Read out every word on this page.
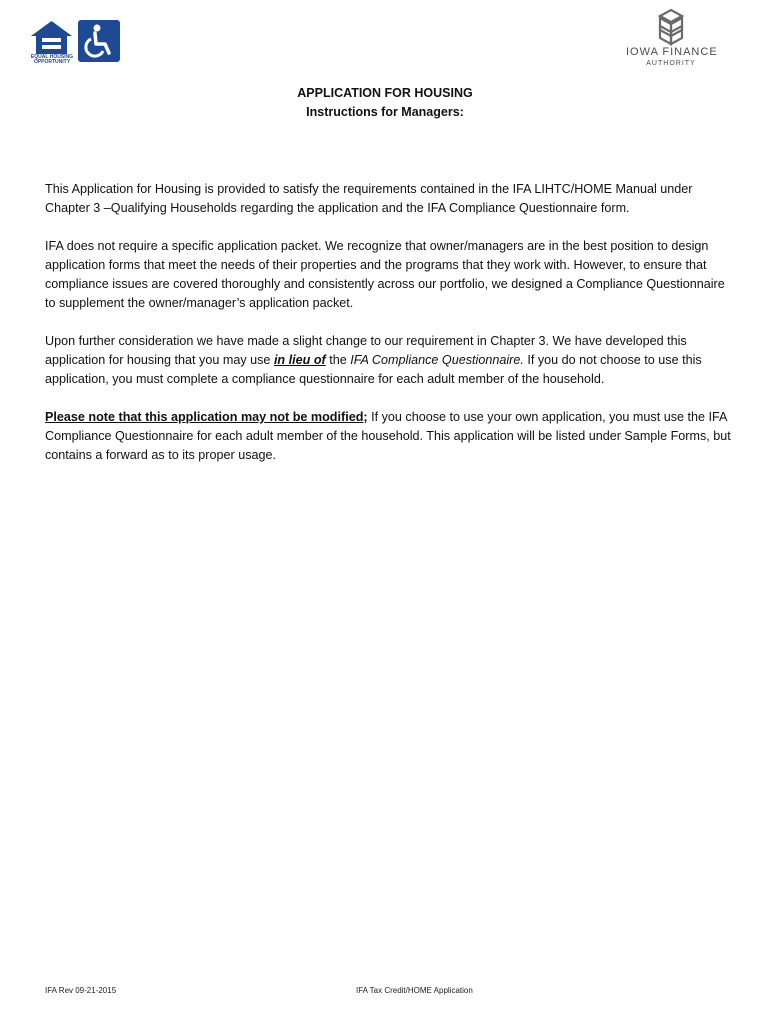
EQUAL HOUSING OPPORTUNITY
IOWA FINANCE
AUTHORITY
APPLICATION FOR HOUSING
Instructions for Managers:

This Application for Housing is provided to satisfy the requirements contained in the IFA LIHTC/HOME Manual under Chapter 3 –Qualifying Households regarding the application and the IFA Compliance Questionnaire form.

IFA does not require a specific application packet. We recognize that owner/managers are in the best position to design application forms that meet the needs of their properties and the programs that they work with. However, to ensure that compliance issues are covered thoroughly and consistently across our portfolio, we designed a Compliance Questionnaire to supplement the owner/manager’s application packet.

Upon further consideration we have made a slight change to our requirement in Chapter 3. We have developed this application for housing that you may use in lieu of the IFA Compliance Questionnaire. If you do not choose to use this application, you must complete a compliance questionnaire for each adult member of the household.

Please note that this application may not be modified; If you choose to use your own application, you must use the IFA Compliance Questionnaire for each adult member of the household. This application will be listed under Sample Forms, but contains a forward as to its proper usage.

IFA Rev 09-21-2015	IFA Tax Credit/HOME Application
